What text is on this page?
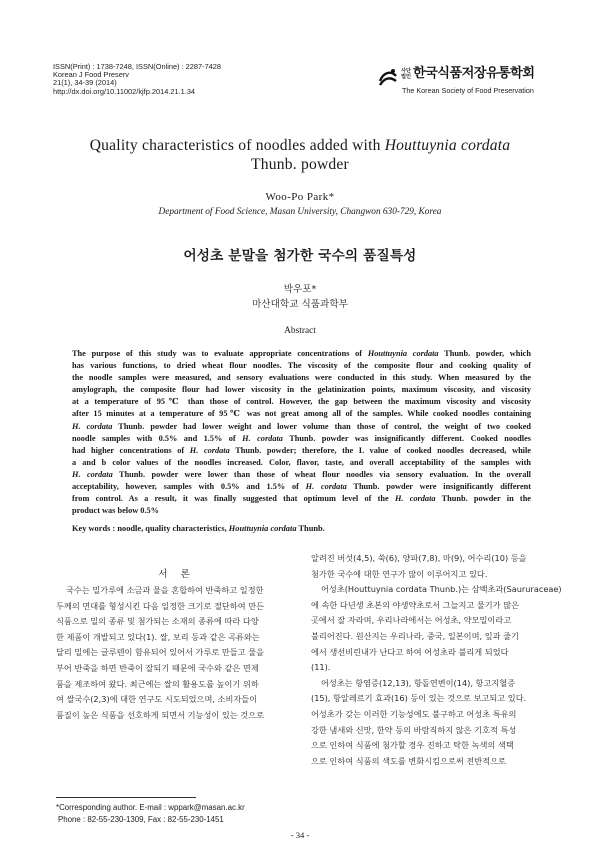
ISSN(Print) : 1738-7248, ISSN(Online) : 2287-7428
Korean J Food Preserv
21(1), 34-39 (2014)
http://dx.doi.org/10.11002/kjfp.2014.21.1.34
사단
법인 한국식품저장유통학회
The Korean Society of Food Preservation
Quality characteristics of noodles added with Houttuynia cordata
Thunb. powder
Woo-Po Park*
Department of Food Science, Masan University, Changwon 630-729, Korea
어성초 분말을 첨가한 국수의 품질특성
박우포*
마산대학교 식품과학부
Abstract
The purpose of this study was to evaluate appropriate concentrations of Houttuynia cordata Thunb. powder, which
has various functions, to dried wheat flour noodles. The viscosity of the composite flour and cooking quality of
the noodle samples were measured, and sensory evaluations were conducted in this study. When measured by the
amylograph, the composite flour had lower viscosity in the gelatinization points, maximum viscosity, and viscosity
at a temperature of 95℃ than those of control. However, the gap between the maximum viscosity and viscosity
after 15 minutes at a temperature of 95℃ was not great among all of the samples. While cooked noodles containing
H. cordata Thunb. powder had lower weight and lower volume than those of control, the weight of two cooked
noodle samples with 0.5% and 1.5% of H. cordata Thunb. powder was insignificantly different. Cooked noodles
had higher concentrations of H. cordata Thunb. powder; therefore, the L value of cooked noodles decreased, while
a and b color values of the noodles increased. Color, flavor, taste, and overall acceptability of the samples with
H. cordata Thunb. powder were lower than those of wheat flour noodles via sensory evaluation. In the overall
acceptability, however, samples with 0.5% and 1.5% of H. cordata Thunb. powder were insignificantly different
from control. As a result, it was finally suggested that optimum level of the H. cordata Thunb. powder in the
product was below 0.5%
Key words : noodle, quality characteristics, Houttuynia cordata Thunb.
서 론
국수는 밀가루에 소금과 물을 혼합하여 반죽하고 일정한
두께의 면대를 형성시킨 다음 일정한 크기로 절단하여 만든
식품으로 밀의 종류 및 첨가되는 소재의 종류에 따라 다양
한 제품이 개발되고 있다(1). 쌀, 보리 등과 같은 곡류와는
달리 밀에는 글루텐이 함유되어 있어서 가루로 만들고 물을
부어 반죽을 하면 반죽이 잘되기 때문에 국수와 같은 면제
품을 제조하여 왔다. 최근에는 쌀의 활용도를 높이기 위하
여 쌀국수(2,3)에 대한 연구도 시도되었으며, 소비자들이
품질이 높은 식품을 선호하게 되면서 기능성이 있는 것으로
알려진 버섯(4,5), 쑥(6), 양파(7,8), 마(9), 어수리(10) 등을
첨가한 국수에 대한 연구가 많이 이루어지고 있다.
어성초(Houttuynia cordata Thunb.)는 삼백초과(Saururaceae)
에 속한 다년생 초본의 야생약초로서 그늘지고 물기가 많은
곳에서 잘 자라며, 우리나라에서는 어성초, 약모밀이라고
불리어진다. 원산지는 우리나라, 중국, 일본이며, 잎과 줄기
에서 생선비린내가 난다고 하여 어성초라 불리게 되었다
(11).
어성초는 항염증(12,13), 항돌연변이(14), 항고지혈증
(15), 항알레르기 효과(16) 등이 있는 것으로 보고되고 있다.
어성초가 갖는 이러한 기능성에도 불구하고 어성초 특유의
강한 냄새와 신맛, 한약 등의 바람직하지 않은 기호적 특성
으로 인하여 식품에 첨가할 경우 진하고 탁한 녹색의 색택
으로 인하여 식품의 색도를 변화시킴으로써 전반적으로
*Corresponding author. E-mail : wppark@masan.ac.kr
Phone : 82-55-230-1309, Fax : 82-55-230-1451
- 34 -
